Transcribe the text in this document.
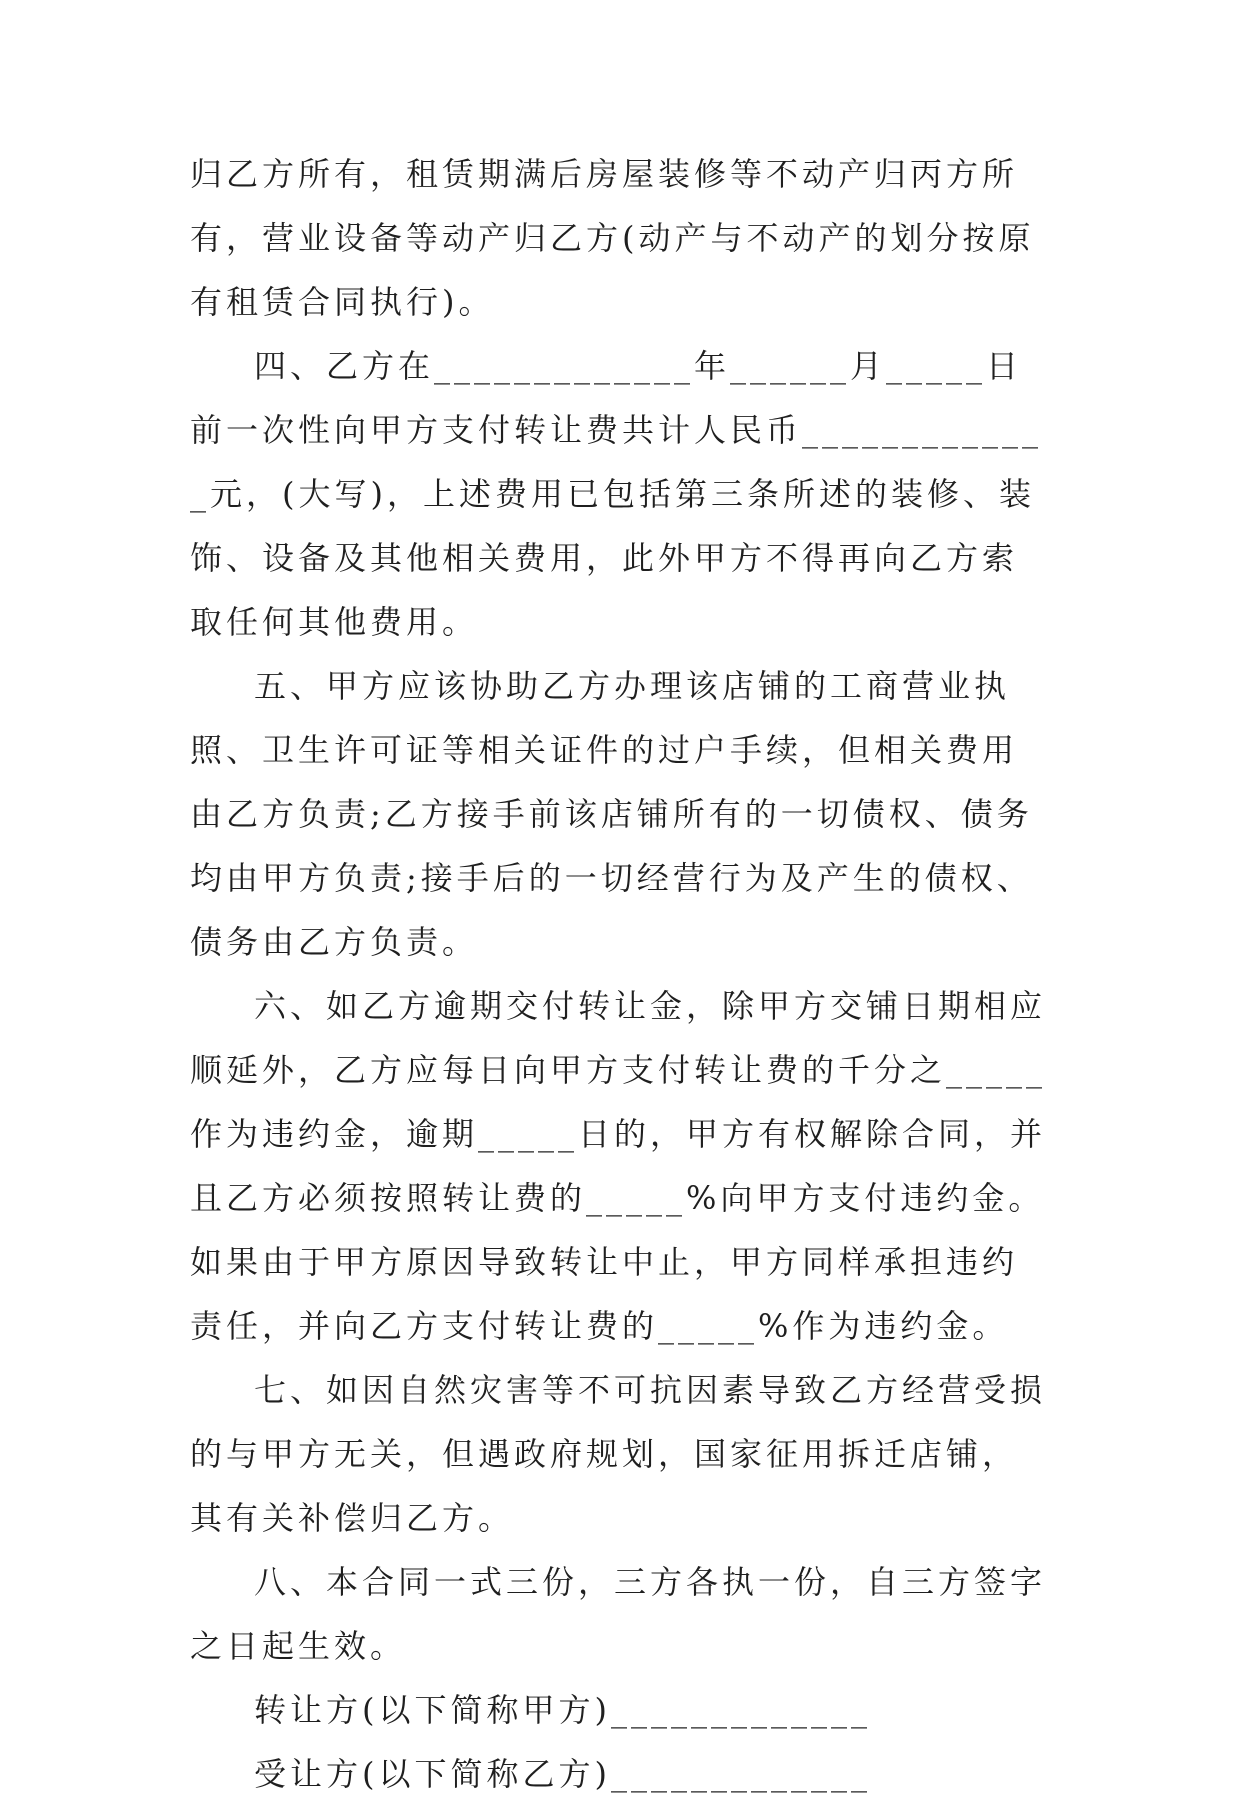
归乙方所有，租赁期满后房屋装修等不动产归丙方所有，营业设备等动产归乙方(动产与不动产的划分按原有租赁合同执行)。

四、乙方在_____________年______月_____日前一次性向甲方支付转让费共计人民币_____________元，(大写)，上述费用已包括第三条所述的装修、装饰、设备及其他相关费用，此外甲方不得再向乙方索取任何其他费用。

五、甲方应该协助乙方办理该店铺的工商营业执照、卫生许可证等相关证件的过户手续，但相关费用由乙方负责;乙方接手前该店铺所有的一切债权、债务均由甲方负责;接手后的一切经营行为及产生的债权、债务由乙方负责。

六、如乙方逾期交付转让金，除甲方交铺日期相应顺延外，乙方应每日向甲方支付转让费的千分之_____作为违约金，逾期_____日的，甲方有权解除合同，并且乙方必须按照转让费的_____%向甲方支付违约金。如果由于甲方原因导致转让中止，甲方同样承担违约责任，并向乙方支付转让费的_____%作为违约金。

七、如因自然灾害等不可抗因素导致乙方经营受损的与甲方无关，但遇政府规划，国家征用拆迁店铺，其有关补偿归乙方。

八、本合同一式三份，三方各执一份，自三方签字之日起生效。

转让方(以下简称甲方)_____________

受让方(以下简称乙方)_____________
